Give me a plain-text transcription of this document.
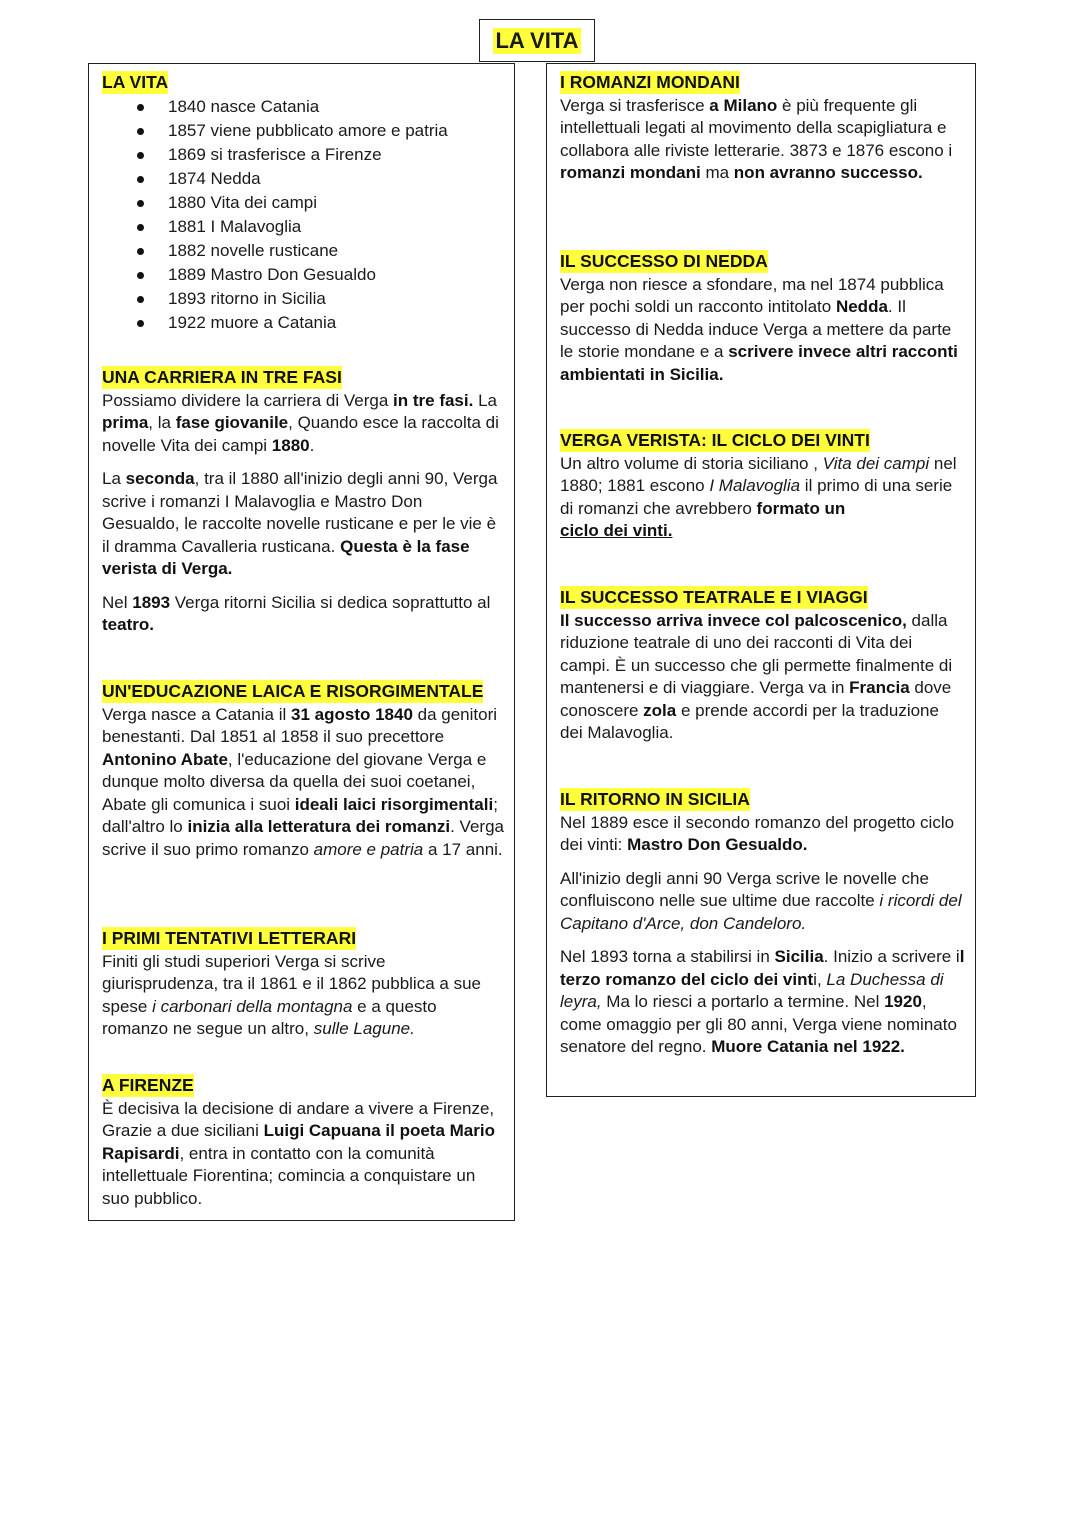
LA VITA
LA VITA
1840 nasce Catania
1857 viene pubblicato amore e patria
1869 si trasferisce a Firenze
1874 Nedda
1880 Vita dei campi
1881 I Malavoglia
1882 novelle rusticane
1889 Mastro Don Gesualdo
1893 ritorno in Sicilia
1922 muore a Catania
UNA CARRIERA IN TRE FASI

Possiamo dividere la carriera di Verga in tre fasi. La prima, la fase giovanile, Quando esce la raccolta di novelle Vita dei campi 1880.

La seconda, tra il 1880 all'inizio degli anni 90, Verga scrive i romanzi I Malavoglia e Mastro Don Gesualdo, le raccolte novelle rusticane e per le vie è il dramma Cavalleria rusticana. Questa è la fase verista di Verga.

Nel 1893 Verga ritorni Sicilia si dedica soprattutto al teatro.

UN'EDUCAZIONE LAICA E RISORGIMENTALE

Verga nasce a Catania il 31 agosto 1840 da genitori benestanti. Dal 1851 al 1858 il suo precettore Antonino Abate, l'educazione del giovane Verga e dunque molto diversa da quella dei suoi coetanei, Abate gli comunica i suoi ideali laici risorgimentali; dall'altro lo inizia alla letteratura dei romanzi. Verga scrive il suo primo romanzo amore e patria a 17 anni.

I PRIMI TENTATIVI LETTERARI

Finiti gli studi superiori Verga si scrive giurisprudenza, tra il 1861 e il 1862 pubblica a sue spese i carbonari della montagna e a questo romanzo ne segue un altro, sulle Lagune.

A FIRENZE

È decisiva la decisione di andare a vivere a Firenze, Grazie a due siciliani Luigi Capuana il poeta Mario Rapisardi, entra in contatto con la comunità intellettuale Fiorentina; comincia a conquistare un suo pubblico.

I ROMANZI MONDANI

Verga si trasferisce a Milano è più frequente gli intellettuali legati al movimento della scapigliatura e collabora alle riviste letterarie. 3873 e 1876 escono i romanzi mondani ma non avranno successo.

IL SUCCESSO DI NEDDA

Verga non riesce a sfondare, ma nel 1874 pubblica per pochi soldi un racconto intitolato Nedda. Il successo di Nedda induce Verga a mettere da parte le storie mondane e a scrivere invece altri racconti ambientati in Sicilia.

VERGA VERISTA: IL CICLO DEI VINTI

Un altro volume di storia siciliano , Vita dei campi nel 1880; 1881 escono I Malavoglia il primo di una serie di romanzi che avrebbero formato un
ciclo dei vinti.

IL SUCCESSO TEATRALE E I VIAGGI

Il successo arriva invece col palcoscenico, dalla riduzione teatrale di uno dei racconti di Vita dei campi. È un successo che gli permette finalmente di mantenersi e di viaggiare. Verga va in Francia dove conoscere zola e prende accordi per la traduzione dei Malavoglia.

IL RITORNO IN SICILIA

Nel 1889 esce il secondo romanzo del progetto ciclo dei vinti: Mastro Don Gesualdo.

All'inizio degli anni 90 Verga scrive le novelle che confluiscono nelle sue ultime due raccolte i ricordi del Capitano d'Arce, don Candeloro.

Nel 1893 torna a stabilirsi in Sicilia. Inizio a scrivere il terzo romanzo del ciclo dei vinti, La Duchessa di leyra, Ma lo riesci a portarlo a termine. Nel 1920, come omaggio per gli 80 anni, Verga viene nominato senatore del regno. Muore Catania nel 1922.
